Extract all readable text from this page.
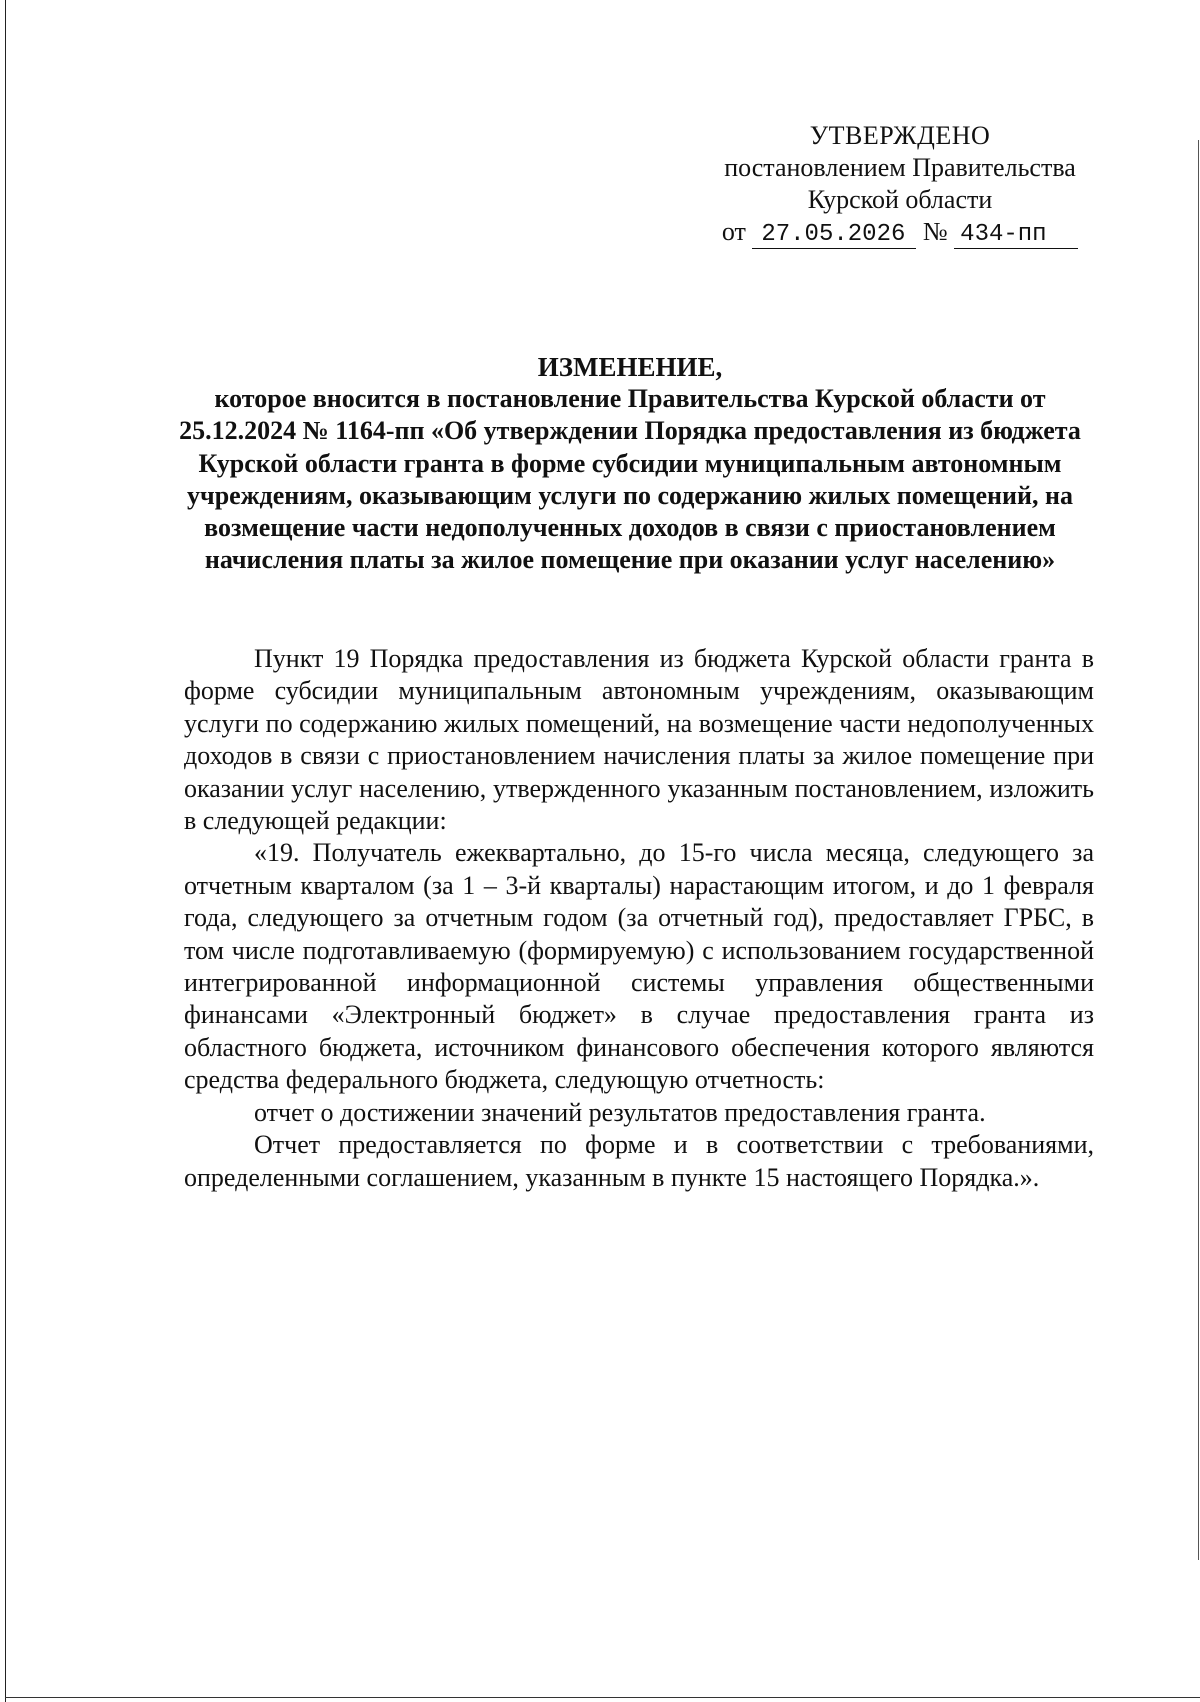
УТВЕРЖДЕНО
постановлением Правительства
Курской области
от 27.05.2026 № 434-пп
ИЗМЕНЕНИЕ,
которое вносится в постановление Правительства Курской области от 25.12.2024 № 1164-пп «Об утверждении Порядка предоставления из бюджета Курской области гранта в форме субсидии муниципальным автономным учреждениям, оказывающим услуги по содержанию жилых помещений, на возмещение части недополученных доходов в связи с приостановлением начисления платы за жилое помещение при оказании услуг населению»

Пункт 19 Порядка предоставления из бюджета Курской области гранта в форме субсидии муниципальным автономным учреждениям, оказывающим услуги по содержанию жилых помещений, на возмещение части недополученных доходов в связи с приостановлением начисления платы за жилое помещение при оказании услуг населению, утвержденного указанным постановлением, изложить в следующей редакции:

«19. Получатель ежеквартально, до 15-го числа месяца, следующего за отчетным кварталом (за 1 – 3-й кварталы) нарастающим итогом, и до 1 февраля года, следующего за отчетным годом (за отчетный год), предоставляет ГРБС, в том числе подготавливаемую (формируемую) с использованием государственной интегрированной информационной системы управления общественными финансами «Электронный бюджет» в случае предоставления гранта из областного бюджета, источником финансового обеспечения которого являются средства федерального бюджета, следующую отчетность:

отчет о достижении значений результатов предоставления гранта.

Отчет предоставляется по форме и в соответствии с требованиями, определенными соглашением, указанным в пункте 15 настоящего Порядка.».
